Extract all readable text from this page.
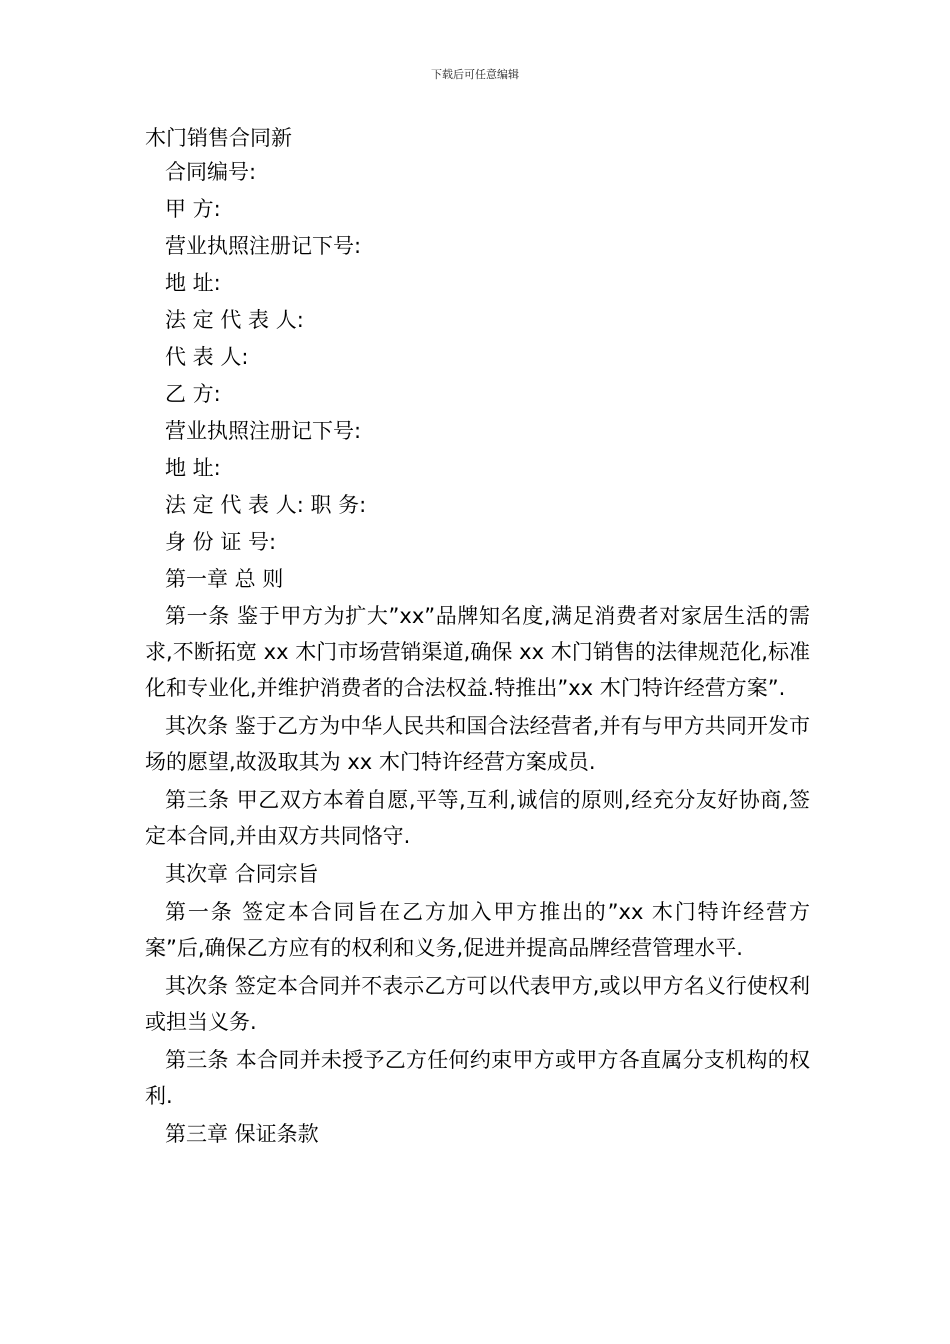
下载后可任意编辑
木门销售合同新
合同编号:
甲 方:
营业执照注册记下号:
地 址:
法 定 代 表 人:
代 表 人:
乙 方:
营业执照注册记下号:
地 址:
法 定 代 表 人: 职 务:
身 份 证 号:
第一章 总 则

第一条 鉴于甲方为扩大”xx”品牌知名度,满足消费者对家居生活的需求,不断拓宽 xx 木门市场营销渠道,确保 xx 木门销售的法律规范化,标准化和专业化,并维护消费者的合法权益.特推出”xx 木门特许经营方案”.

其次条 鉴于乙方为中华人民共和国合法经营者,并有与甲方共同开发市场的愿望,故汲取其为 xx 木门特许经营方案成员.

第三条 甲乙双方本着自愿,平等,互利,诚信的原则,经充分友好协商,签定本合同,并由双方共同恪守.

其次章 合同宗旨

第一条 签定本合同旨在乙方加入甲方推出的”xx 木门特许经营方案”后,确保乙方应有的权利和义务,促进并提高品牌经营管理水平.

其次条 签定本合同并不表示乙方可以代表甲方,或以甲方名义行使权利或担当义务.

第三条 本合同并未授予乙方任何约束甲方或甲方各直属分支机构的权利.

第三章 保证条款
